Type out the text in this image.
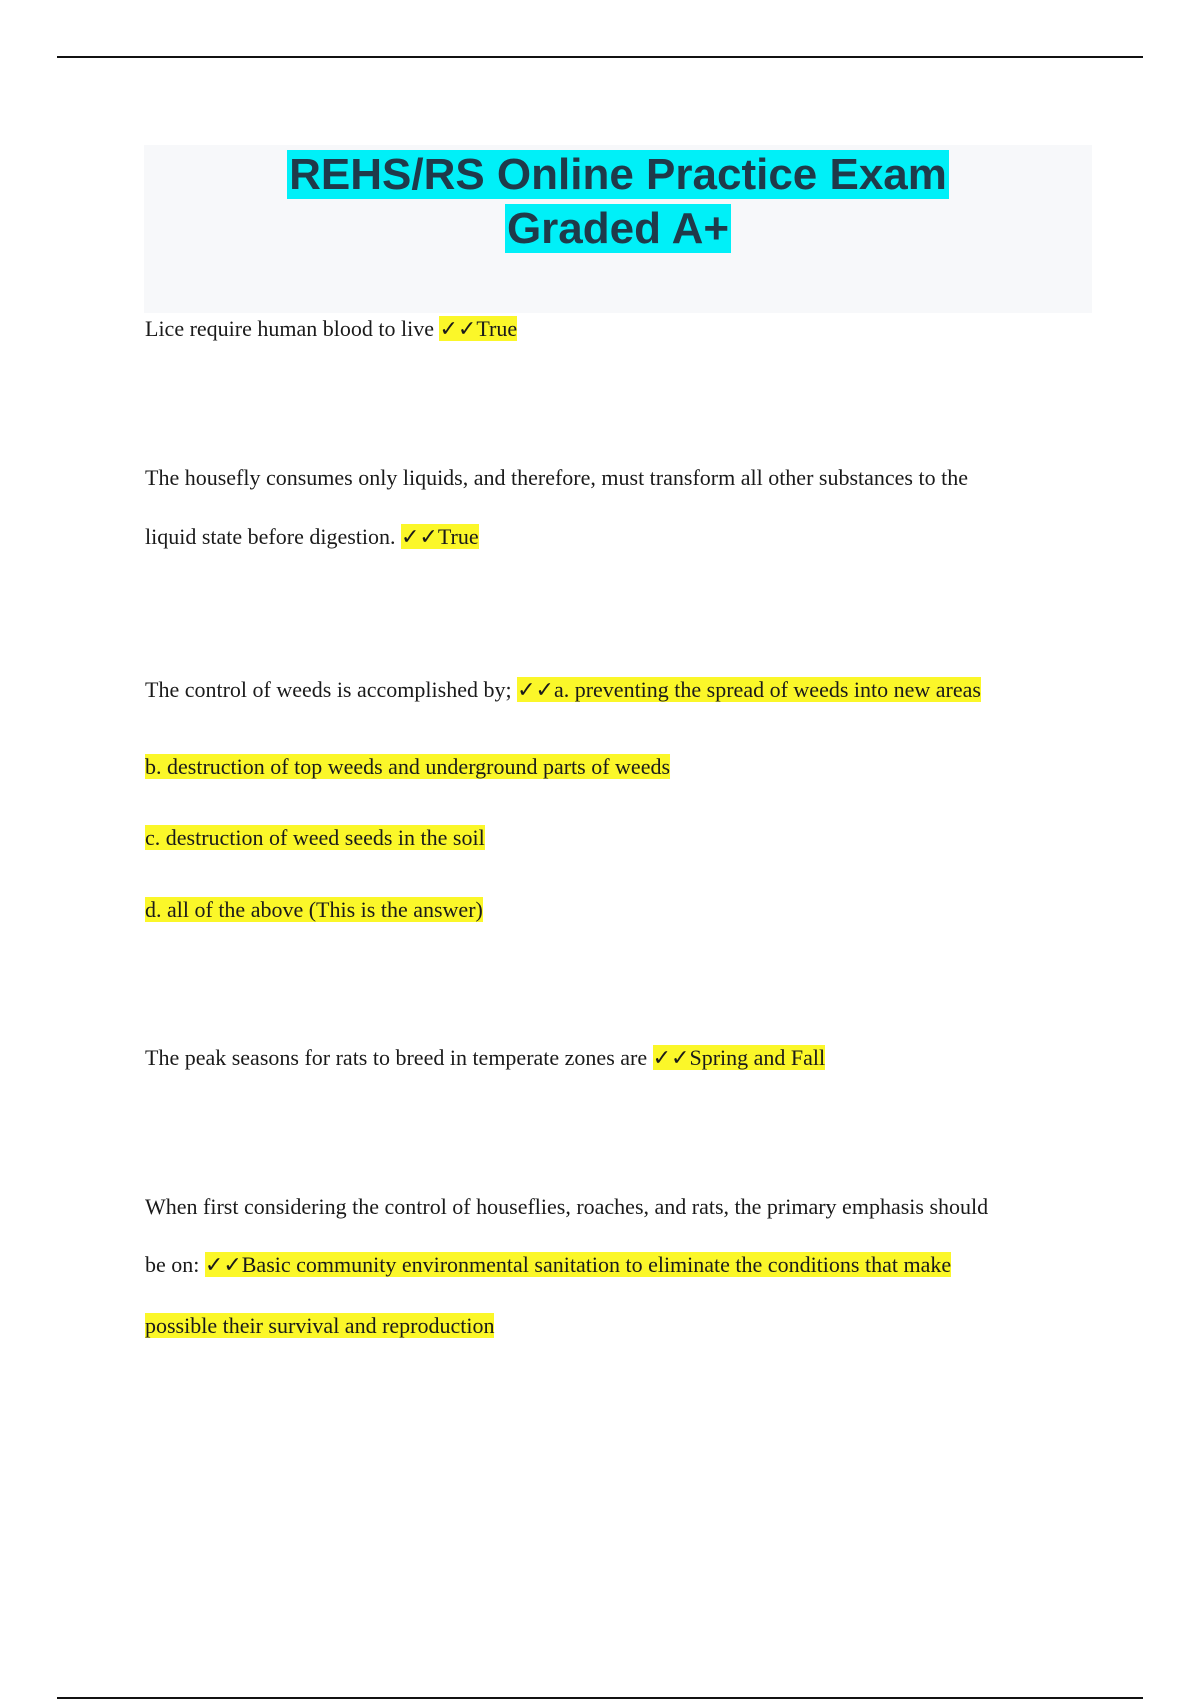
REHS/RS Online Practice Exam
Graded A+

Lice require human blood to live ✓✓True

The housefly consumes only liquids, and therefore, must transform all other substances to the

liquid state before digestion. ✓✓True

The control of weeds is accomplished by; ✓✓a. preventing the spread of weeds into new areas

b. destruction of top weeds and underground parts of weeds

c. destruction of weed seeds in the soil

d. all of the above (This is the answer)

The peak seasons for rats to breed in temperate zones are ✓✓Spring and Fall

When first considering the control of houseflies, roaches, and rats, the primary emphasis should

be on: ✓✓Basic community environmental sanitation to eliminate the conditions that make

possible their survival and reproduction
